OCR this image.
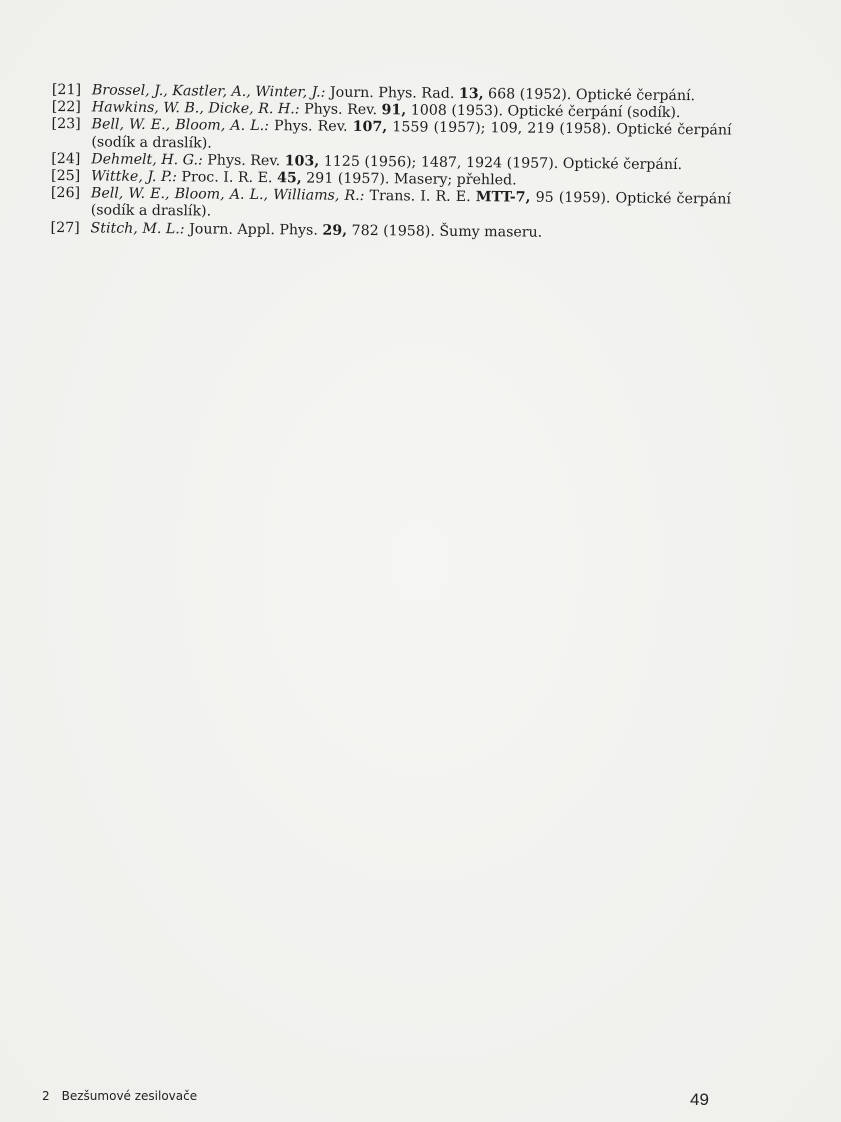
[21] Brossel, J., Kastler, A., Winter, J.: Journ. Phys. Rad. 13, 668 (1952). Optické čerpání.
[22] Hawkins, W. B., Dicke, R. H.: Phys. Rev. 91, 1008 (1953). Optické čerpání (sodík).
[23] Bell, W. E., Bloom, A. L.: Phys. Rev. 107, 1559 (1957); 109, 219 (1958). Optické čerpání (sodík a draslík).
[24] Dehmelt, H. G.: Phys. Rev. 103, 1125 (1956); 1487, 1924 (1957). Optické čerpání.
[25] Wittke, J. P.: Proc. I. R. E. 45, 291 (1957). Masery; přehled.
[26] Bell, W. E., Bloom, A. L., Williams, R.: Trans. I. R. E. MTT-7, 95 (1959). Optické čerpání (sodík a draslík).
[27] Stitch, M. L.: Journ. Appl. Phys. 29, 782 (1958). Šumy maseru.
2 Bezšumové zesilovače	49
